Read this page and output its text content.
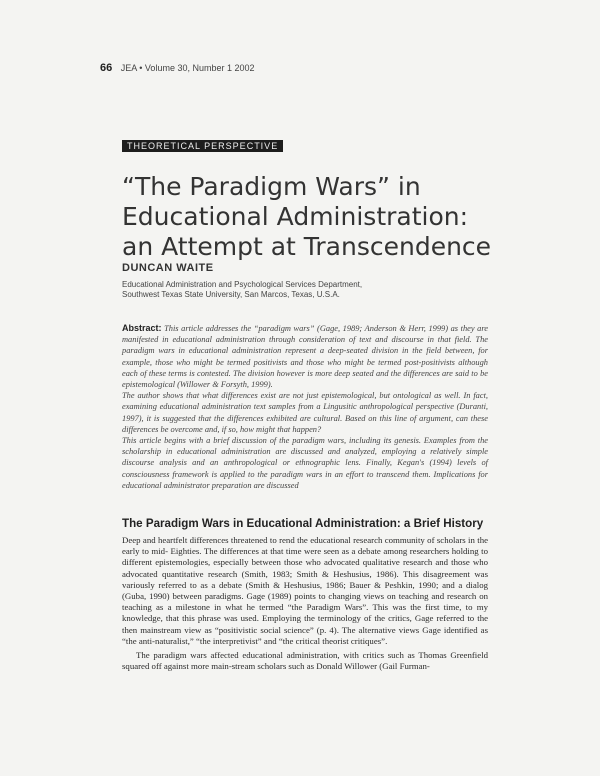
66 JEA • Volume 30, Number 1 2002
THEORETICAL PERSPECTIVE
“The Paradigm Wars” in Educational Administration: an Attempt at Transcendence
DUNCAN WAITE
Educational Administration and Psychological Services Department,
Southwest Texas State University, San Marcos, Texas, U.S.A.

Abstract: This article addresses the “paradigm wars” (Gage, 1989; Anderson & Herr, 1999) as they are manifested in educational administration through consideration of text and discourse in that field. The paradigm wars in educational administration represent a deep-seated division in the field between, for example, those who might be termed positivists and those who might be termed post-positivists although each of these terms is contested. The division however is more deep seated and the differences are said to be epistemological (Willower & Forsyth, 1999).

The author shows that what differences exist are not just epistemological, but ontological as well. In fact, examining educational administration text samples from a Lingusitic anthropological perspective (Duranti, 1997), it is suggested that the differences exhibited are cultural. Based on this line of argument, can these differences be overcome and, if so, how might that happen?

This article begins with a brief discussion of the paradigm wars, including its genesis. Examples from the scholarship in educational administration are discussed and analyzed, employing a relatively simple discourse analysis and an anthropological or ethnographic lens. Finally, Kegan's (1994) levels of consciousness framework is applied to the paradigm wars in an effort to transcend them. Implications for educational administrator preparation are discussed

The Paradigm Wars in Educational Administration: a Brief History

Deep and heartfelt differences threatened to rend the educational research community of scholars in the early to mid- Eighties. The differences at that time were seen as a debate among researchers holding to different epistemologies, especially between those who advocated qualitative research and those who advocated quantitative research (Smith, 1983; Smith & Heshusius, 1986). This disagreement was variously referred to as a debate (Smith & Heshusius, 1986; Bauer & Peshkin, 1990; and a dialog (Guba, 1990) between paradigms. Gage (1989) points to changing views on teaching and research on teaching as a milestone in what he termed “the Paradigm Wars”. This was the first time, to my knowledge, that this phrase was used. Employing the terminology of the critics, Gage referred to the then mainstream view as “positivistic social science” (p. 4). The alternative views Gage identified as “the anti-naturalist,” “the interpretivist” and “the critical theorist critiques”.

The paradigm wars affected educational administration, with critics such as Thomas Greenfield squared off against more main-stream scholars such as Donald Willower (Gail Furman-
